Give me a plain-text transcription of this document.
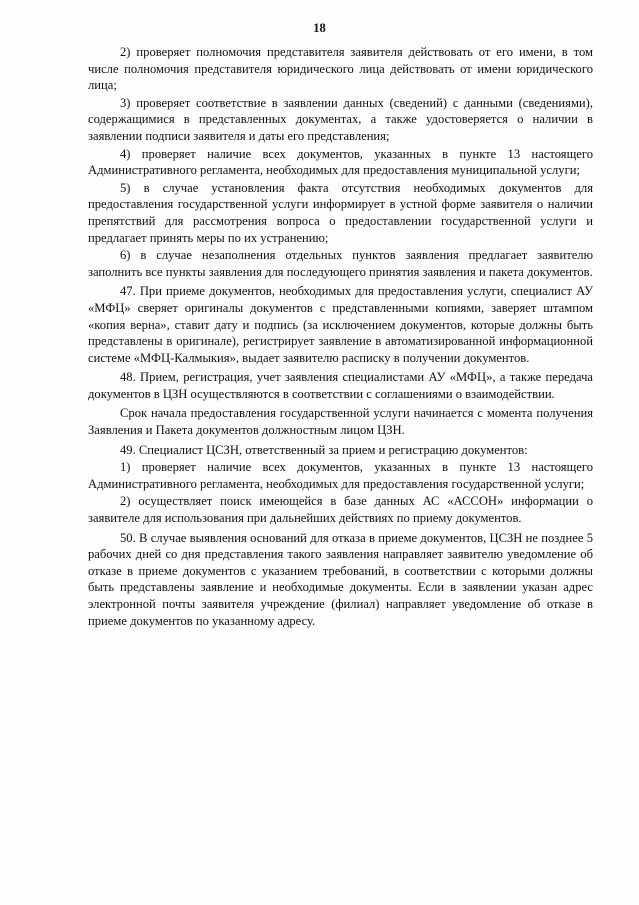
18

2) проверяет полномочия представителя заявителя действовать от его имени, в том числе полномочия представителя юридического лица действовать от имени юридического лица;

3) проверяет соответствие в заявлении данных (сведений) с данными (сведениями), содержащимися в представленных документах, а также удостоверяется о наличии в заявлении подписи заявителя и даты его представления;

4) проверяет наличие всех документов, указанных в пункте 13 настоящего Административного регламента, необходимых для предоставления муниципальной услуги;

5) в случае установления факта отсутствия необходимых документов для предоставления государственной услуги информирует в устной форме заявителя о наличии препятствий для рассмотрения вопроса о предоставлении государственной услуги и предлагает принять меры по их устранению;

6) в случае незаполнения отдельных пунктов заявления предлагает заявителю заполнить все пункты заявления для последующего принятия заявления и пакета документов.

47. При приеме документов, необходимых для предоставления услуги, специалист АУ «МФЦ» сверяет оригиналы документов с представленными копиями, заверяет штампом «копия верна», ставит дату и подпись (за исключением документов, которые должны быть представлены в оригинале), регистрирует заявление в автоматизированной информационной системе «МФЦ-Калмыкия», выдает заявителю расписку в получении документов.

48. Прием, регистрация, учет заявления специалистами АУ «МФЦ», а также передача документов в ЦЗН осуществляются в соответствии с соглашениями о взаимодействии.

Срок начала предоставления государственной услуги начинается с момента получения Заявления и Пакета документов должностным лицом ЦЗН.

49. Специалист ЦСЗН, ответственный за прием и регистрацию документов:

1) проверяет наличие всех документов, указанных в пункте 13 настоящего Административного регламента, необходимых для предоставления государственной услуги;

2) осуществляет поиск имеющейся в базе данных АС «АССОН» информации о заявителе для использования при дальнейших действиях по приему документов.

50. В случае выявления оснований для отказа в приеме документов, ЦСЗН не позднее 5 рабочих дней со дня представления такого заявления направляет заявителю уведомление об отказе в приеме документов с указанием требований, в соответствии с которыми должны быть представлены заявление и необходимые документы. Если в заявлении указан адрес электронной почты заявителя учреждение (филиал) направляет уведомление об отказе в приеме документов по указанному адресу.
